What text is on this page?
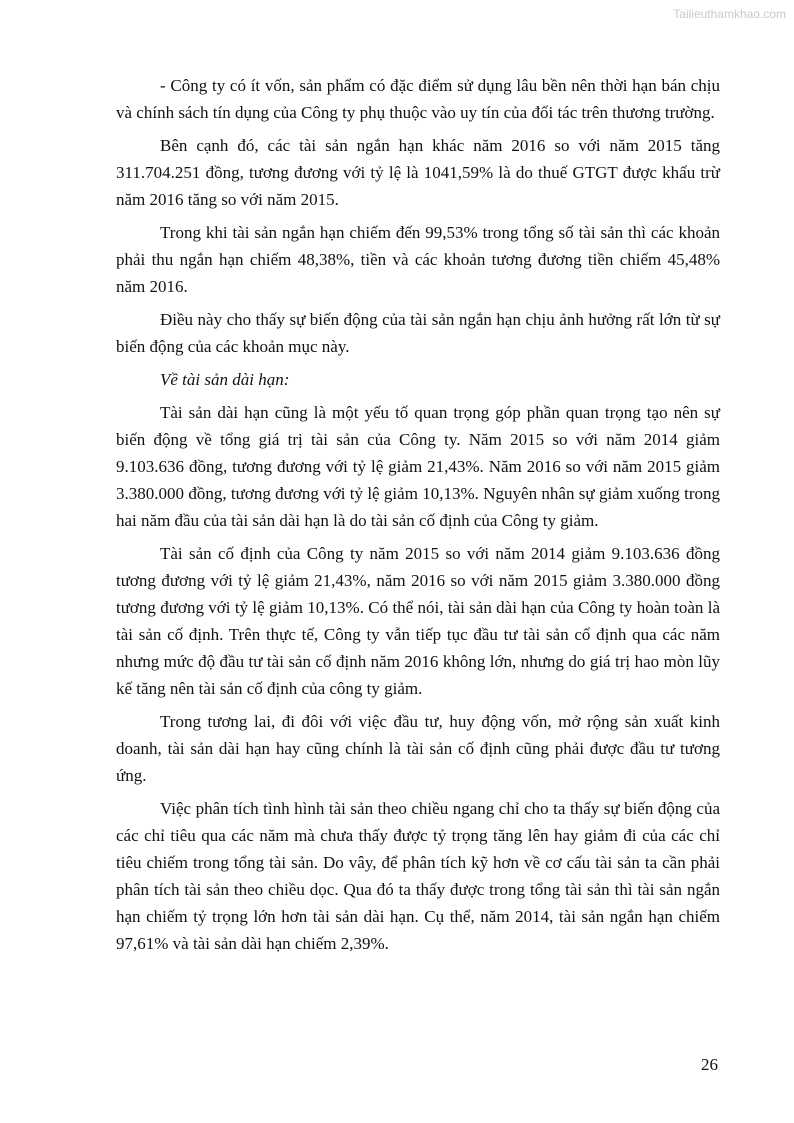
Tailieuthamkhao.com

- Công ty có ít vốn, sản phẩm có đặc điểm sử dụng lâu bền nên thời hạn bán chịu và chính sách tín dụng của Công ty phụ thuộc vào uy tín của đối tác trên thương trường.

Bên cạnh đó, các tài sản ngắn hạn khác năm 2016 so với năm 2015 tăng 311.704.251 đồng, tương đương với tỷ lệ là 1041,59% là do thuế GTGT được khấu trừ năm 2016 tăng so với năm 2015.

Trong khi tài sản ngắn hạn chiếm đến 99,53% trong tổng số tài sản thì các khoản phải thu ngắn hạn chiếm 48,38%, tiền và các khoản tương đương tiền chiếm 45,48% năm 2016.

Điều này cho thấy sự biến động của tài sản ngắn hạn chịu ảnh hưởng rất lớn từ sự biến động của các khoản mục này.

Về tài sản dài hạn:

Tài sản dài hạn cũng là một yếu tố quan trọng góp phần quan trọng tạo nên sự biến động về tổng giá trị tài sản của Công ty. Năm 2015 so với năm 2014 giảm 9.103.636 đồng, tương đương với tỷ lệ giảm 21,43%. Năm 2016 so với năm 2015 giảm 3.380.000 đồng, tương đương với tỷ lệ giảm 10,13%. Nguyên nhân sự giảm xuống trong hai năm đầu của tài sản dài hạn là do tài sản cố định của Công ty giảm.

Tài sản cố định của Công ty năm 2015 so với năm 2014 giảm 9.103.636 đồng tương đương với tỷ lệ giảm 21,43%, năm 2016 so với năm 2015 giảm 3.380.000 đồng tương đương với tỷ lệ giảm 10,13%. Có thể nói, tài sản dài hạn của Công ty hoàn toàn là tài sản cố định. Trên thực tế, Công ty vẫn tiếp tục đầu tư tài sản cố định qua các năm nhưng mức độ đầu tư tài sản cố định năm 2016 không lớn, nhưng do giá trị hao mòn lũy kế tăng nên tài sản cố định của công ty giảm.

Trong tương lai, đi đôi với việc đầu tư, huy động vốn, mở rộng sản xuất kinh doanh, tài sản dài hạn hay cũng chính là tài sản cố định cũng phải được đầu tư tương ứng.

Việc phân tích tình hình tài sản theo chiều ngang chỉ cho ta thấy sự biến động của các chỉ tiêu qua các năm mà chưa thấy được tỷ trọng tăng lên hay giảm đi của các chỉ tiêu chiếm trong tổng tài sản. Do vây, để phân tích kỹ hơn về cơ cấu tài sản ta cần phải phân tích tài sản theo chiều dọc. Qua đó ta thấy được trong tổng tài sản thì tài sản ngắn hạn chiếm tỷ trọng lớn hơn tài sản dài hạn. Cụ thể, năm 2014, tài sản ngắn hạn chiếm 97,61% và tài sản dài hạn chiếm 2,39%.

26
